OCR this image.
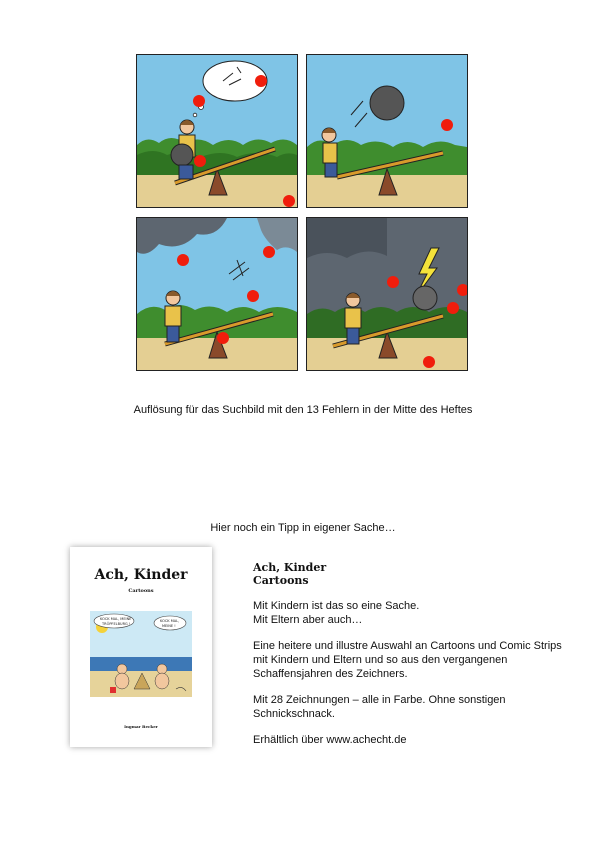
Auflösung für das Suchbild mit den 13 Fehlern in der Mitte des Heftes
Hier noch ein Tipp in eigener Sache…
Ach, Kinder
Cartoons
KOCK MAL, MEINE
TRÖPFELBURG !
KOCK MAL,
MEINE !
Ingmar Becker
Ach, Kinder
Cartoons
Mit Kindern ist das so eine Sache.
Mit Eltern aber auch…

Eine heitere und illustre Auswahl an Cartoons und Comic Strips mit Kindern und Eltern und so aus den vergangenen Schaffensjahren des Zeichners.

Mit 28 Zeichnungen – alle in Farbe. Ohne sonstigen Schnickschnack.

Erhältlich über www.achecht.de
